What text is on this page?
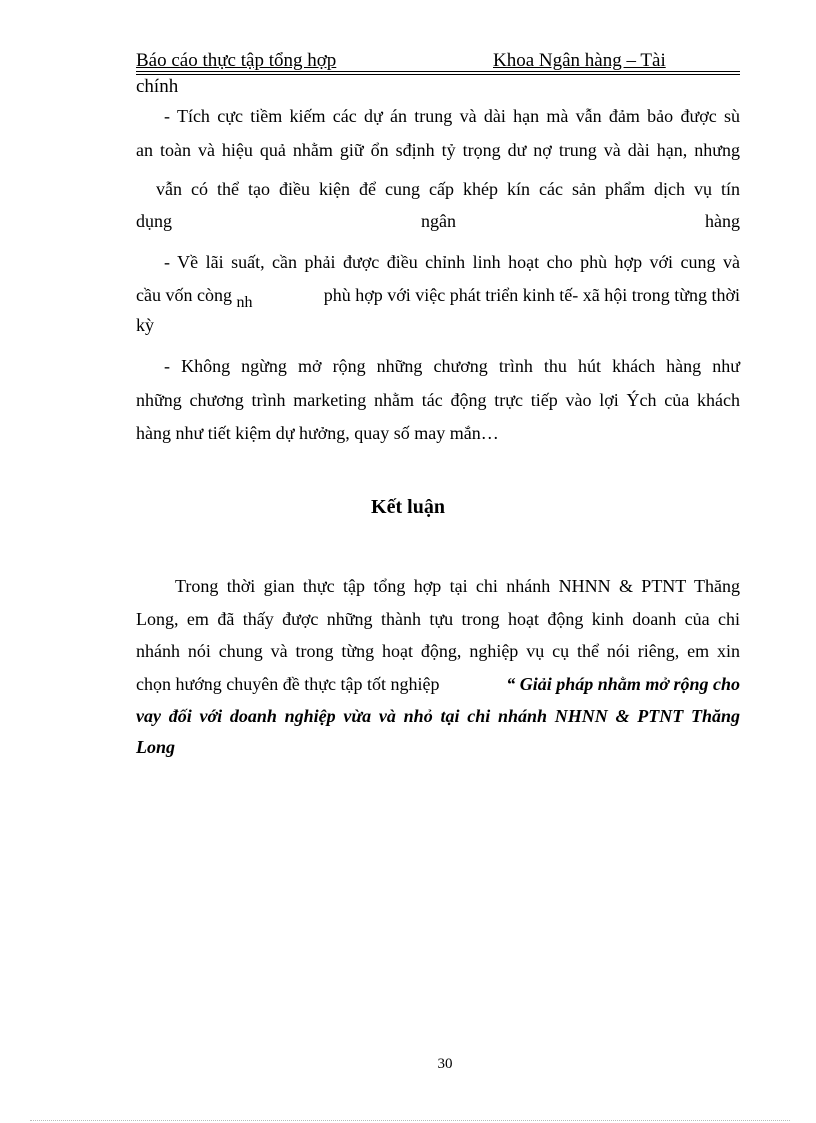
Báo cáo thực tập tổng hợp	Khoa Ngân hàng – Tài
chính
- Tích cực tiềm kiếm các dự án trung và dài hạn mà vẫn đảm bảo được sù
an toàn và hiệu quả nhằm giữ ổn sđịnh tỷ trọng dư nợ trung và dài hạn, nhưng
vẫn có thể tạo điều kiện để cung cấp khép kín các sản phẩm dịch vụ tín
dụng	ngân	hàng
- Về lãi suất, cần phải được điều chỉnh linh hoạt cho phù hợp với cung và
cầu vốn còng nh	phù hợp với việc phát triển kinh tế- xã hội trong từng thời
kỳ
- Không ngừng mở rộng những chương trình thu hút khách hàng như
những chương trình marketing nhằm tác động trực tiếp vào lợi Ých của khách
hàng như tiết kiệm dự hưởng, quay số may mắn…
Kết luận
Trong thời gian thực tập tổng hợp tại chi nhánh NHNN & PTNT Thăng
Long, em đã thấy được những thành tựu trong hoạt động kinh doanh của chi
nhánh nói chung và trong từng hoạt động, nghiệp vụ cụ thể nói riêng, em xin
chọn hướng chuyên đề thực tập tốt nghiệp	“ Giải pháp nhằm mở rộng cho
vay đối với doanh nghiệp vừa và nhỏ tại chi nhánh NHNN & PTNT Thăng
Long
30
